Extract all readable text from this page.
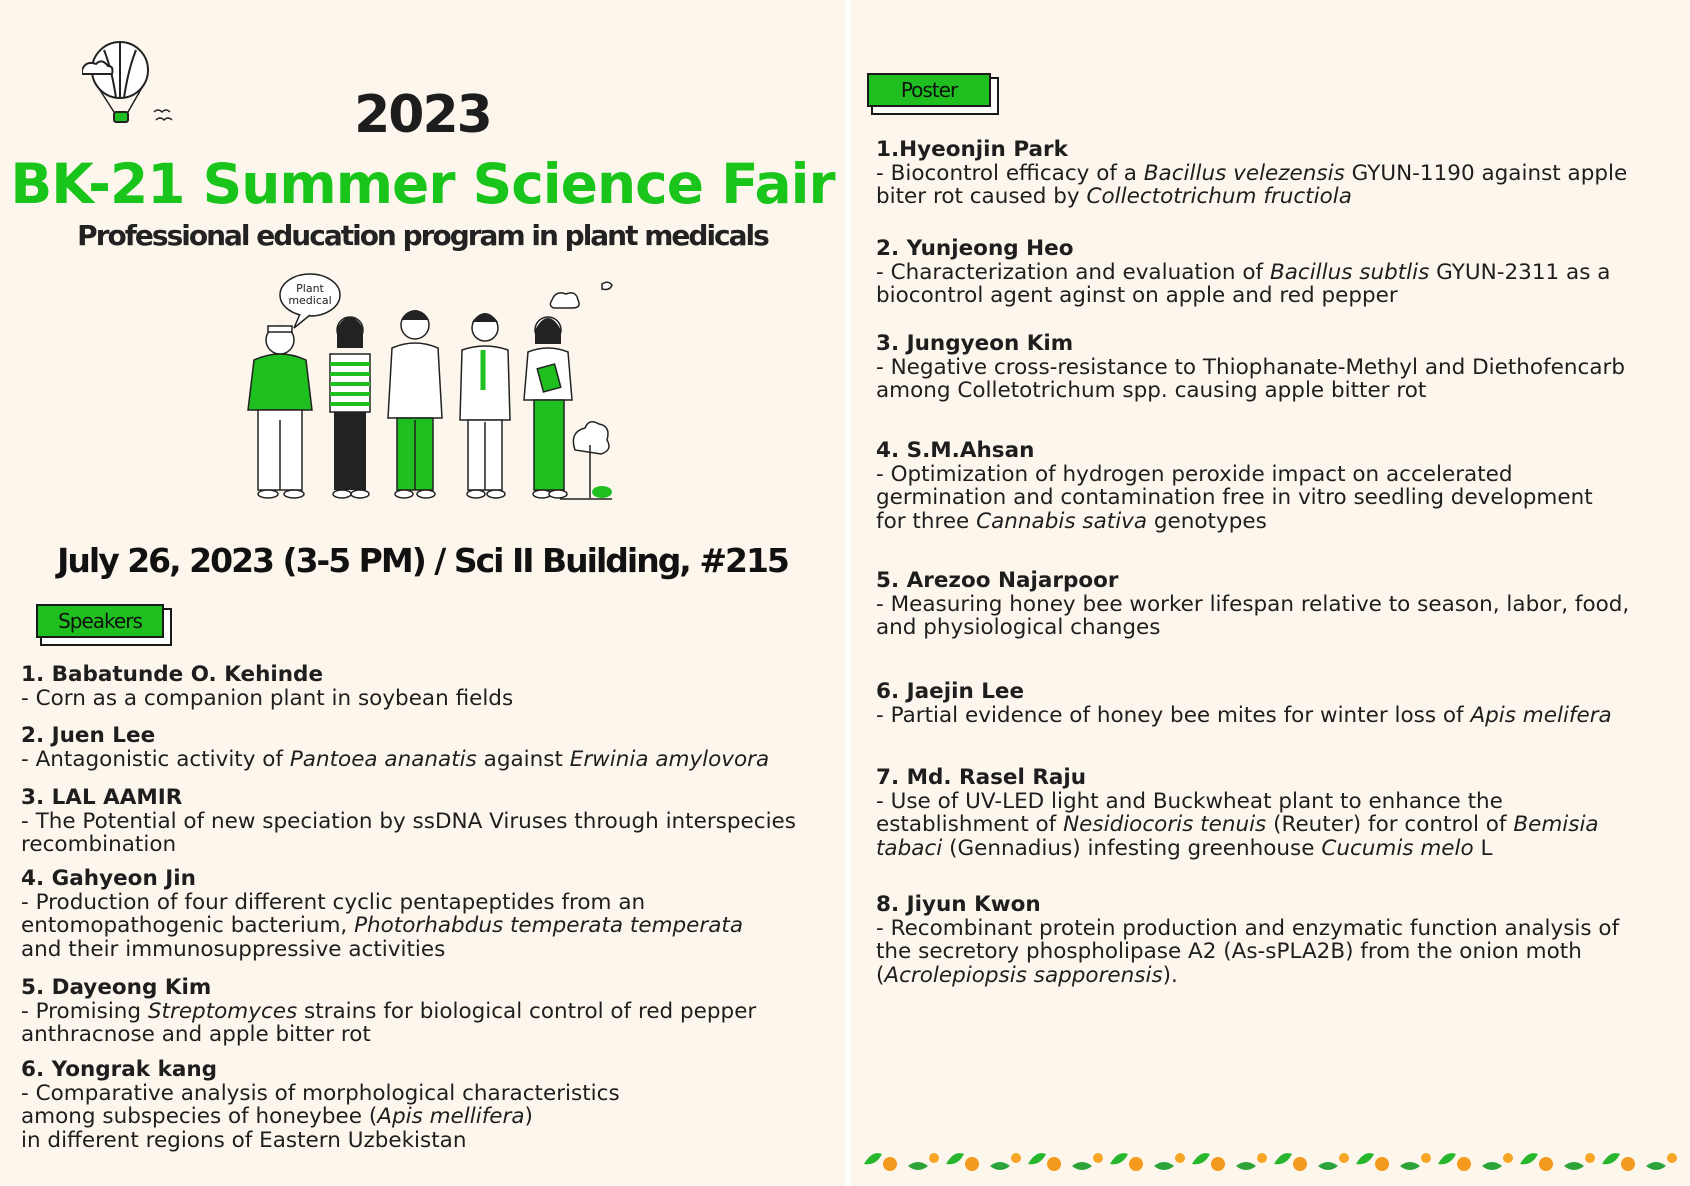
2023
BK-21 Summer Science Fair
Professional education program in plant medicals
Plant
medical
July 26, 2023 (3-5 PM) / Sci II Building, #215
Speakers
1. Babatunde O. Kehinde
- Corn as a companion plant in soybean fields
2. Juen Lee
- Antagonistic activity of Pantoea ananatis against Erwinia amylovora
3. LAL AAMIR
- The Potential of new speciation by ssDNA Viruses through interspecies
recombination
4. Gahyeon Jin
- Production of four different cyclic pentapeptides from an
entomopathogenic bacterium, Photorhabdus temperata temperata
and their immunosuppressive activities
5. Dayeong Kim
- Promising Streptomyces strains for biological control of red pepper
anthracnose and apple bitter rot
6. Yongrak kang
- Comparative analysis of morphological characteristics
among subspecies of honeybee (Apis mellifera)
in different regions of Eastern Uzbekistan
Poster
1.Hyeonjin Park
- Biocontrol efficacy of a Bacillus velezensis GYUN-1190 against apple
biter rot caused by Collectotrichum fructiola
2. Yunjeong Heo
- Characterization and evaluation of Bacillus subtlis GYUN-2311 as a
biocontrol agent aginst on apple and red pepper
3. Jungyeon Kim
- Negative cross-resistance to Thiophanate-Methyl and Diethofencarb
among Colletotrichum spp. causing apple bitter rot
4. S.M.Ahsan
- Optimization of hydrogen peroxide impact on accelerated
germination and contamination free in vitro seedling development
for three Cannabis sativa genotypes
5. Arezoo Najarpoor
- Measuring honey bee worker lifespan relative to season, labor, food,
and physiological changes
6. Jaejin Lee
- Partial evidence of honey bee mites for winter loss of Apis melifera
7. Md. Rasel Raju
- Use of UV-LED light and Buckwheat plant to enhance the
establishment of Nesidiocoris tenuis (Reuter) for control of Bemisia
tabaci (Gennadius) infesting greenhouse Cucumis melo L
8. Jiyun Kwon
- Recombinant protein production and enzymatic function analysis of
the secretory phospholipase A2 (As-sPLA2B) from the onion moth
(Acrolepiopsis sapporensis).
